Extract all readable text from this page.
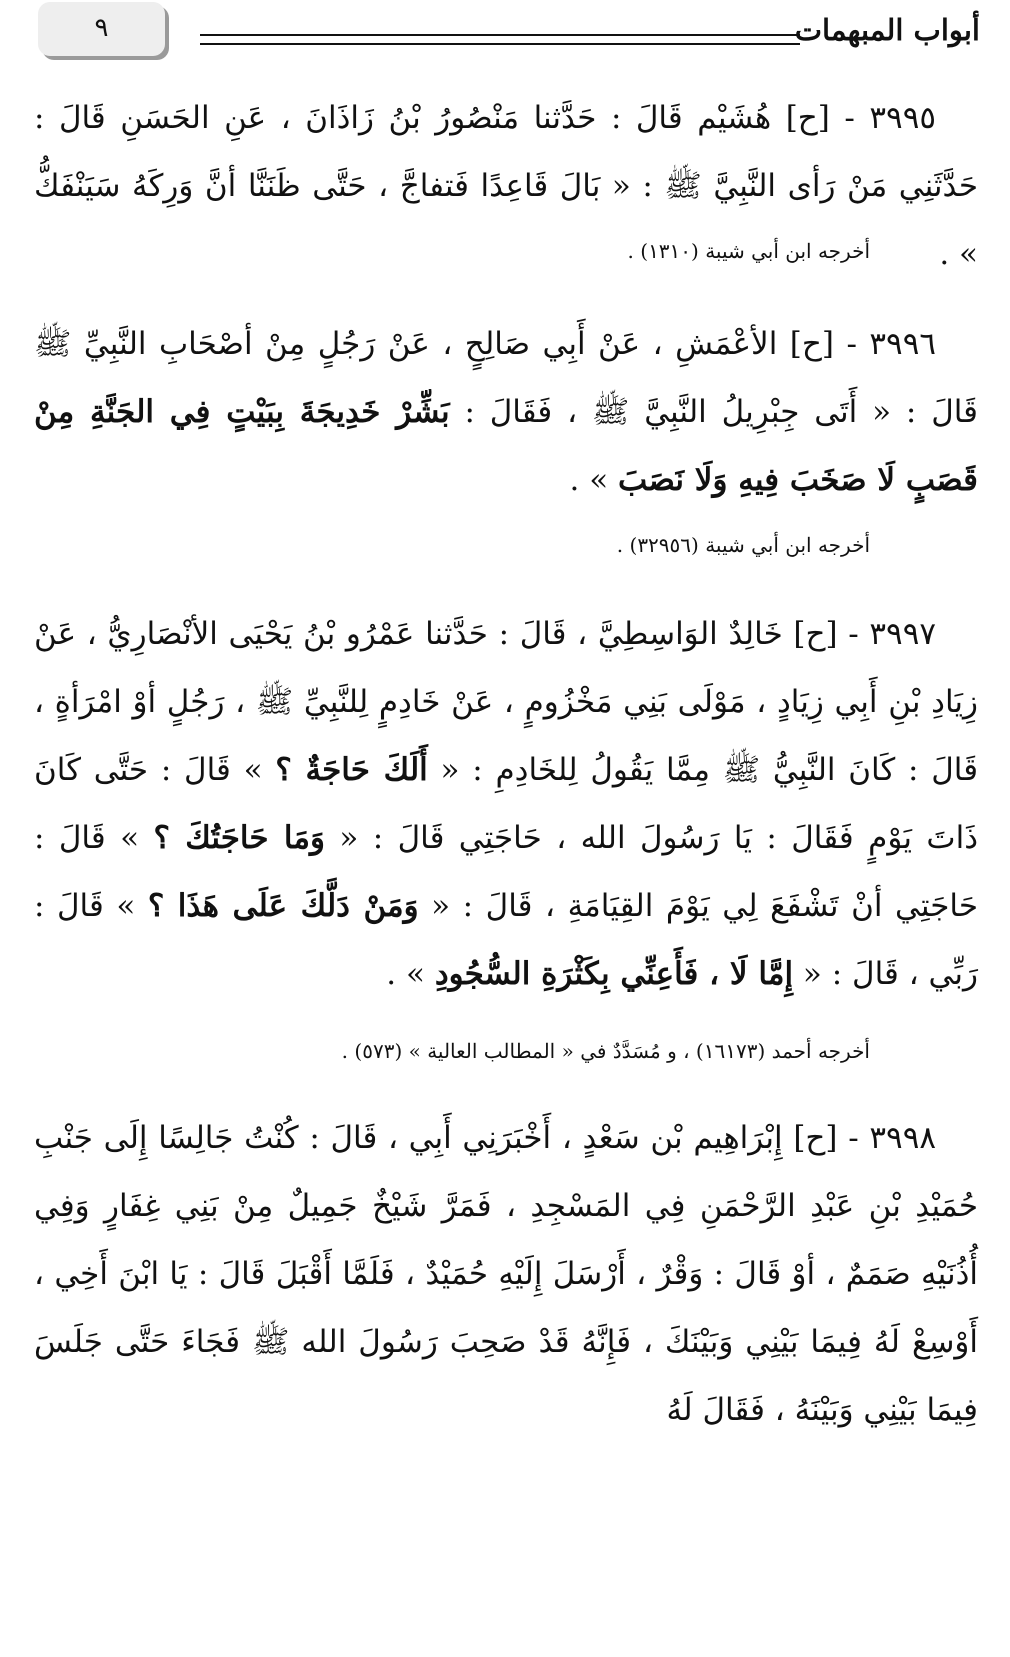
٩	أبواب المبهمات

٣٩٩٥ - [ح] هُشَيْم قَالَ : حَدَّثنا مَنْصُورُ بْنُ زَاذَانَ ، عَنِ الحَسَنِ قَالَ : حَدَّثَنِي مَنْ رَأى النَّبِيَّ ﷺ : « بَالَ قَاعِدًا فَتفاجَّ ، حَتَّى ظَنَنَّا أنَّ وَرِكَهُ سَيَنْفَكُّ » .

أخرجه ابن أبي شيبة (١٣١٠) .

٣٩٩٦ - [ح] الأعْمَشِ ، عَنْ أَبِي صَالِحٍ ، عَنْ رَجُلٍ مِنْ أصْحَابِ النَّبِيِّ ﷺ قَالَ : « أَتَى جِبْرِيلُ النَّبِيَّ ﷺ ، فَقَالَ : بَشِّرْ خَدِيجَةَ بِبَيْتٍ فِي الجَنَّةِ مِنْ قَصَبٍ لَا صَخَبَ فِيهِ وَلَا نَصَبَ » .

أخرجه ابن أبي شيبة (٣٢٩٥٦) .

٣٩٩٧ - [ح] خَالِدٌ الوَاسِطِيَّ ، قَالَ : حَدَّثنا عَمْرُو بْنُ يَحْيَى الأنْصَارِيُّ ، عَنْ زِيَادِ بْنِ أَبِي زِيَادٍ ، مَوْلَى بَنِي مَخْزُومٍ ، عَنْ خَادِمٍ لِلنَّبِيِّ ﷺ ، رَجُلٍ أوْ امْرَأةٍ ، قَالَ : كَانَ النَّبِيُّ ﷺ مِمَّا يَقُولُ لِلخَادِمِ : « أَلَكَ حَاجَةٌ ؟ » قَالَ : حَتَّى كَانَ ذَاتَ يَوْمٍ فَقَالَ : يَا رَسُولَ الله ، حَاجَتِي قَالَ : « وَمَا حَاجَتُكَ ؟ » قَالَ : حَاجَتِي أنْ تَشْفَعَ لِي يَوْمَ القِيَامَةِ ، قَالَ : « وَمَنْ دَلَّكَ عَلَى هَذَا ؟ » قَالَ : رَبِّي ، قَالَ : « إِمَّا لَا ، فَأَعِنِّي بِكَثْرَةِ السُّجُودِ » .

أخرجه أحمد (١٦١٧٣) ، و مُسَدَّدٌ في « المطالب العالية » (٥٧٣) .

٣٩٩٨ - [ح] إِبْرَاهِيم بْن سَعْدٍ ، أَخْبَرَنِي أَبِي ، قَالَ : كُنْتُ جَالِسًا إِلَى جَنْبِ حُمَيْدِ بْنِ عَبْدِ الرَّحْمَنِ فِي المَسْجِدِ ، فَمَرَّ شَيْخٌ جَمِيلٌ مِنْ بَنِي غِفَارٍ وَفِي أُذُنَيْهِ صَمَمٌ ، أوْ قَالَ : وَقْرٌ ، أَرْسَلَ إِلَيْهِ حُمَيْدٌ ، فَلَمَّا أَقْبَلَ قَالَ : يَا ابْنَ أَخِي ، أَوْسِعْ لَهُ فِيمَا بَيْنِي وَبَيْنَكَ ، فَإِنَّهُ قَدْ صَحِبَ رَسُولَ الله ﷺ فَجَاءَ حَتَّى جَلَسَ فِيمَا بَيْنِي وَبَيْنَهُ ، فَقَالَ لَهُ
